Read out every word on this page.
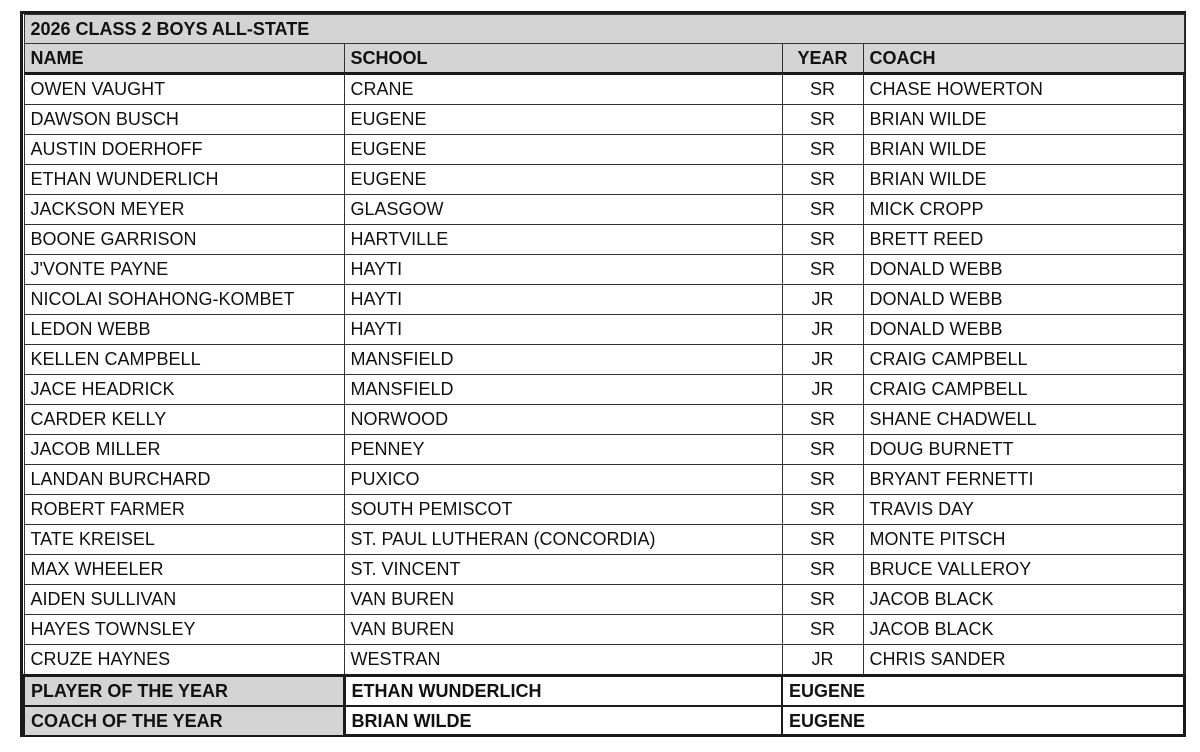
2026 CLASS 2 BOYS ALL-STATE			
NAME	SCHOOL	YEAR	COACH
OWEN VAUGHT	CRANE	SR	CHASE HOWERTON
DAWSON BUSCH	EUGENE	SR	BRIAN WILDE
AUSTIN DOERHOFF	EUGENE	SR	BRIAN WILDE
ETHAN WUNDERLICH	EUGENE	SR	BRIAN WILDE
JACKSON MEYER	GLASGOW	SR	MICK CROPP
BOONE GARRISON	HARTVILLE	SR	BRETT REED
J'VONTE PAYNE	HAYTI	SR	DONALD WEBB
NICOLAI SOHAHONG-KOMBET	HAYTI	JR	DONALD WEBB
LEDON WEBB	HAYTI	JR	DONALD WEBB
KELLEN CAMPBELL	MANSFIELD	JR	CRAIG CAMPBELL
JACE HEADRICK	MANSFIELD	JR	CRAIG CAMPBELL
CARDER KELLY	NORWOOD	SR	SHANE CHADWELL
JACOB MILLER	PENNEY	SR	DOUG BURNETT
LANDAN BURCHARD	PUXICO	SR	BRYANT FERNETTI
ROBERT FARMER	SOUTH PEMISCOT	SR	TRAVIS DAY
TATE KREISEL	ST. PAUL LUTHERAN (CONCORDIA)	SR	MONTE PITSCH
MAX WHEELER	ST. VINCENT	SR	BRUCE VALLEROY
AIDEN SULLIVAN	VAN BUREN	SR	JACOB BLACK
HAYES TOWNSLEY	VAN BUREN	SR	JACOB BLACK
CRUZE HAYNES	WESTRAN	JR	CHRIS SANDER
PLAYER OF THE YEAR	ETHAN WUNDERLICH	EUGENE	
COACH OF THE YEAR	BRIAN WILDE	EUGENE	
